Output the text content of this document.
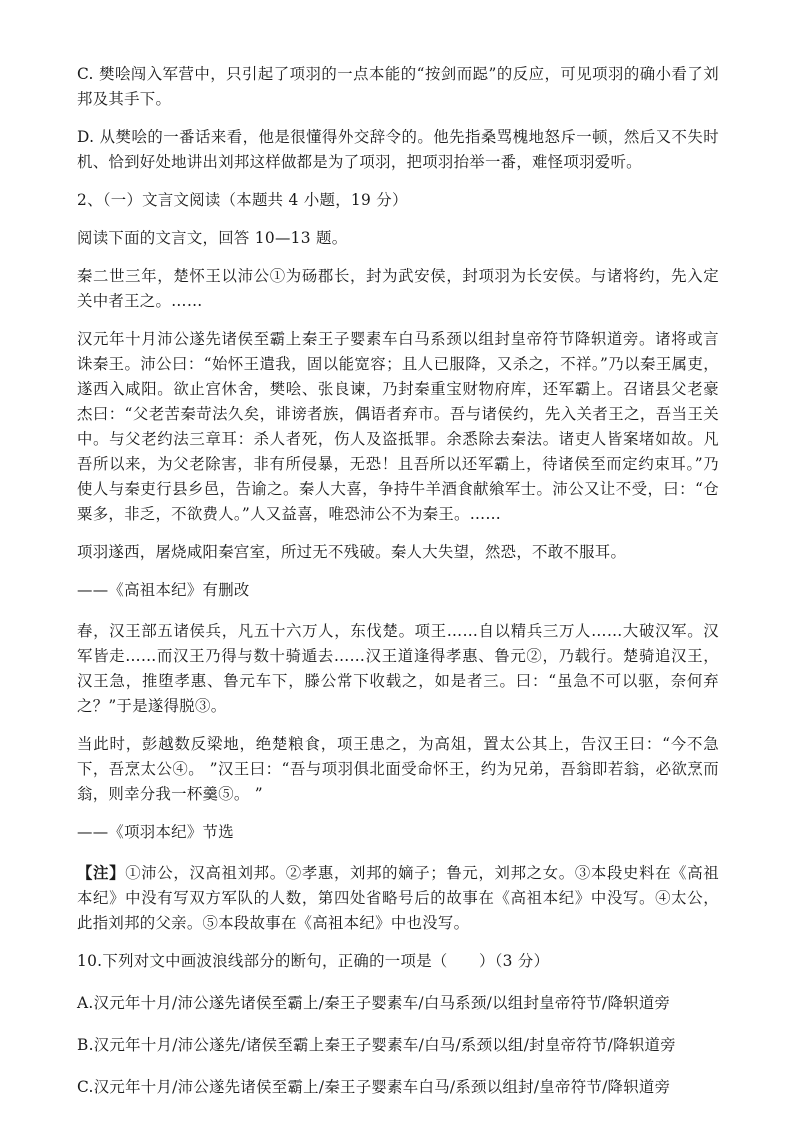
C. 樊哙闯入军营中，只引起了项羽的一点本能的“按剑而跽”的反应，可见项羽的确小看了刘邦及其手下。

D. 从樊哙的一番话来看，他是很懂得外交辞令的。他先指桑骂槐地怒斥一顿，然后又不失时机、恰到好处地讲出刘邦这样做都是为了项羽，把项羽抬举一番，难怪项羽爱听。

2、（一）文言文阅读（本题共 4 小题，19 分）

阅读下面的文言文，回答 10—13 题。

秦二世三年，楚怀王以沛公①为砀郡长，封为武安侯，封项羽为长安侯。与诸将约，先入定关中者王之。……

汉元年十月沛公遂先诸侯至霸上秦王子婴素车白马系颈以组封皇帝符节降轵道旁。诸将或言诛秦王。沛公曰：“始怀王遣我，固以能宽容；且人已服降，又杀之，不祥。”乃以秦王属吏，遂西入咸阳。欲止宫休舍，樊哙、张良谏，乃封秦重宝财物府库，还军霸上。召诸县父老豪杰曰：“父老苦秦苛法久矣，诽谤者族，偶语者弃市。吾与诸侯约，先入关者王之，吾当王关中。与父老约法三章耳：杀人者死，伤人及盗抵罪。余悉除去秦法。诸吏人皆案堵如故。凡吾所以来，为父老除害，非有所侵暴，无恐！且吾所以还军霸上，待诸侯至而定约束耳。”乃使人与秦吏行县乡邑，告谕之。秦人大喜，争持牛羊酒食献飨军士。沛公又让不受，曰：“仓粟多，非乏，不欲费人。”人又益喜，唯恐沛公不为秦王。……

项羽遂西，屠烧咸阳秦宫室，所过无不残破。秦人大失望，然恐，不敢不服耳。

——《高祖本纪》有删改

春，汉王部五诸侯兵，凡五十六万人，东伐楚。项王……自以精兵三万人……大破汉军。汉军皆走……而汉王乃得与数十骑遁去……汉王道逢得孝惠、鲁元②，乃载行。楚骑追汉王，汉王急，推堕孝惠、鲁元车下，滕公常下收载之，如是者三。曰：“虽急不可以驱，奈何弃之？”于是遂得脱③。

当此时，彭越数反梁地，绝楚粮食，项王患之，为高俎，置太公其上，告汉王曰：“今不急下，吾烹太公④。 ”汉王曰：“吾与项羽俱北面受命怀王，约为兄弟，吾翁即若翁，必欲烹而翁，则幸分我一杯羹⑤。 ”

——《项羽本纪》节选

【注】①沛公，汉高祖刘邦。②孝惠，刘邦的嫡子；鲁元，刘邦之女。③本段史料在《高祖本纪》中没有写双方军队的人数，第四处省略号后的故事在《高祖本纪》中没写。④太公，此指刘邦的父亲。⑤本段故事在《高祖本纪》中也没写。

10.下列对文中画波浪线部分的断句，正确的一项是（　　）（3 分）

A.汉元年十月/沛公遂先诸侯至霸上/秦王子婴素车/白马系颈/以组封皇帝符节/降轵道旁

B.汉元年十月/沛公遂先/诸侯至霸上秦王子婴素车/白马/系颈以组/封皇帝符节/降轵道旁

C.汉元年十月/沛公遂先诸侯至霸上/秦王子婴素车白马/系颈以组封/皇帝符节/降轵道旁
